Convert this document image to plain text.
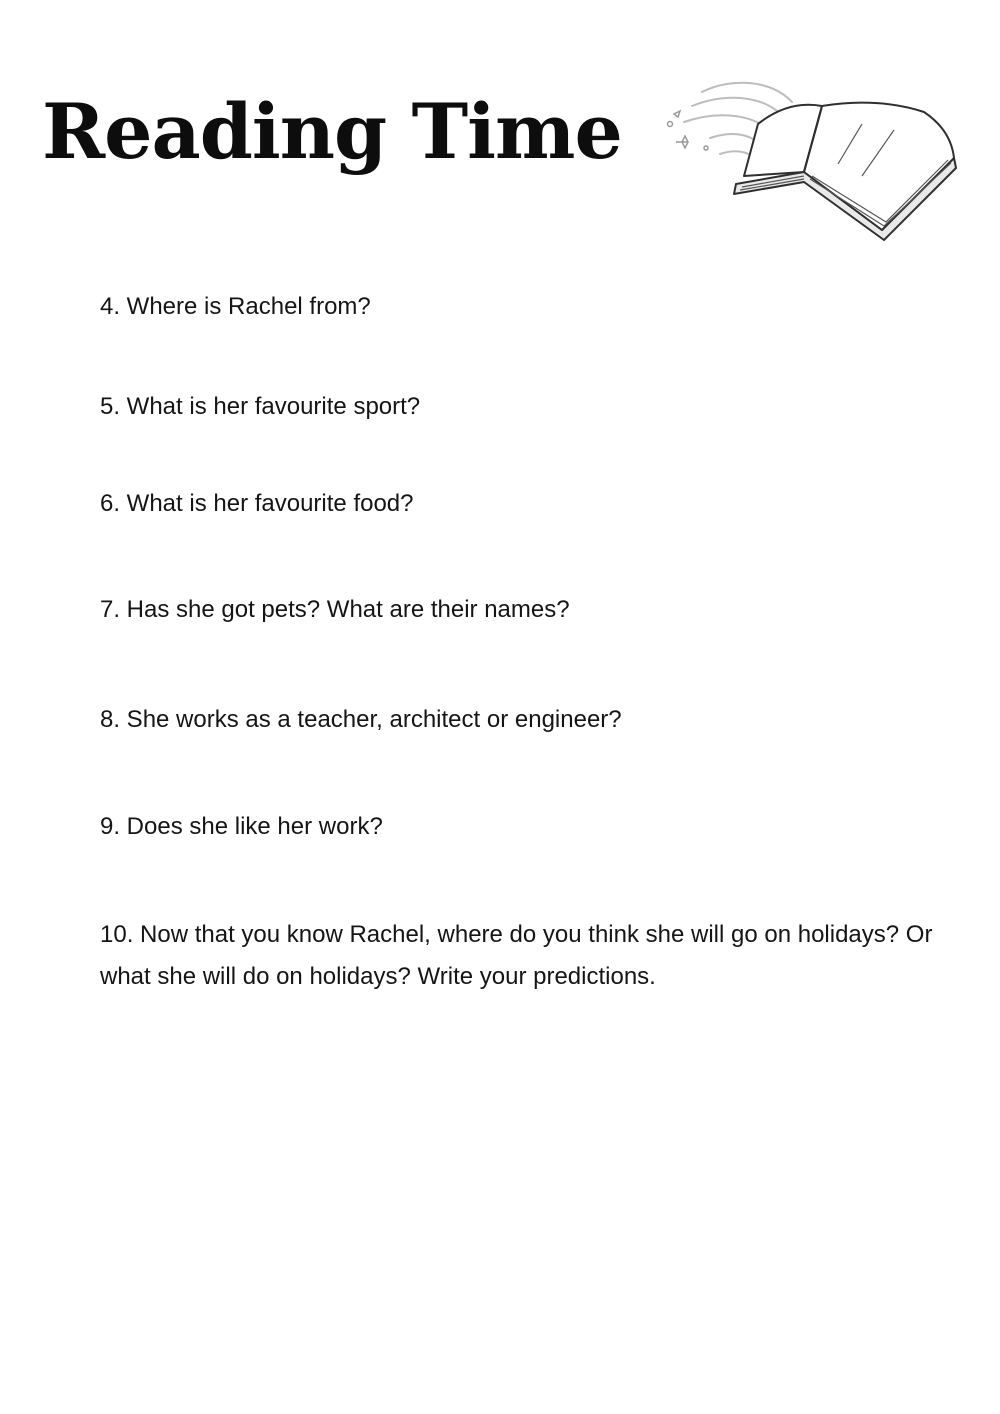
Reading Time

4. Where is Rachel from?

5. What is her favourite sport?

6. What is her favourite food?

7. Has she got pets? What are their names?

8. She works as a teacher, architect or engineer?

9. Does she like her work?

10. Now that you know Rachel, where do you think she will go on holidays? Or what she will do on holidays? Write your predictions.
